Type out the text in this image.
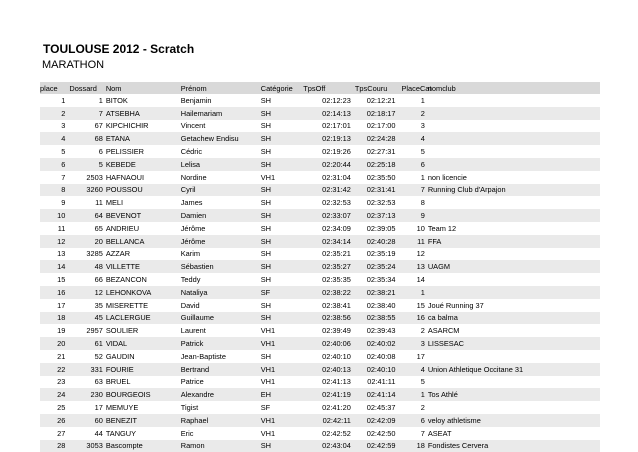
TOULOUSE 2012 - Scratch
MARATHON
place	Dossard	Nom	Prénom	Catégorie	TpsOff	TpsCouru	PlaceCat	nomclub
1	1	BITOK	Benjamin	SH	02:12:23	02:12:21	1	
2	7	ATSEBHA	Hailemariam	SH	02:14:13	02:18:17	2	
3	67	KIPCHICHIR	Vincent	SH	02:17:01	02:17:00	3	
4	68	ETANA	Getachew Endisu	SH	02:19:13	02:24:28	4	
5	6	PELISSIER	Cédric	SH	02:19:26	02:27:31	5	
6	5	KEBEDE	Lelisa	SH	02:20:44	02:25:18	6	
7	2503	HAFNAOUI	Nordine	VH1	02:31:04	02:35:50	1	non licencie
8	3260	POUSSOU	Cyril	SH	02:31:42	02:31:41	7	Running Club d'Arpajon
9	11	MELI	James	SH	02:32:53	02:32:53	8	
10	64	BEVENOT	Damien	SH	02:33:07	02:37:13	9	
11	65	ANDRIEU	Jérôme	SH	02:34:09	02:39:05	10	Team 12
12	20	BELLANCA	Jérôme	SH	02:34:14	02:40:28	11	FFA
13	3285	AZZAR	Karim	SH	02:35:21	02:35:19	12	
14	48	VILLETTE	Sébastien	SH	02:35:27	02:35:24	13	UAGM
15	66	BEZANCON	Teddy	SH	02:35:35	02:35:34	14	
16	12	LEHONKOVA	Nataliya	SF	02:38:22	02:38:21	1	
17	35	MISERETTE	David	SH	02:38:41	02:38:40	15	Joué Running 37
18	45	LACLERGUE	Guillaume	SH	02:38:56	02:38:55	16	ca balma
19	2957	SOULIER	Laurent	VH1	02:39:49	02:39:43	2	ASARCM
20	61	VIDAL	Patrick	VH1	02:40:06	02:40:02	3	LISSESAC
21	52	GAUDIN	Jean-Baptiste	SH	02:40:10	02:40:08	17	
22	331	FOURIE	Bertrand	VH1	02:40:13	02:40:10	4	Union Athletique Occitane 31
23	63	BRUEL	Patrice	VH1	02:41:13	02:41:11	5	
24	230	BOURGEOIS	Alexandre	EH	02:41:19	02:41:14	1	Tos Athlé
25	17	MEMUYE	Tigist	SF	02:41:20	02:45:37	2	
26	60	BENEZIT	Raphael	VH1	02:42:11	02:42:09	6	veloy athletisme
27	44	TANGUY	Eric	VH1	02:42:52	02:42:50	7	ASEAT
28	3053	Bascompte	Ramon	SH	02:43:04	02:42:59	18	Fondistes Cervera
